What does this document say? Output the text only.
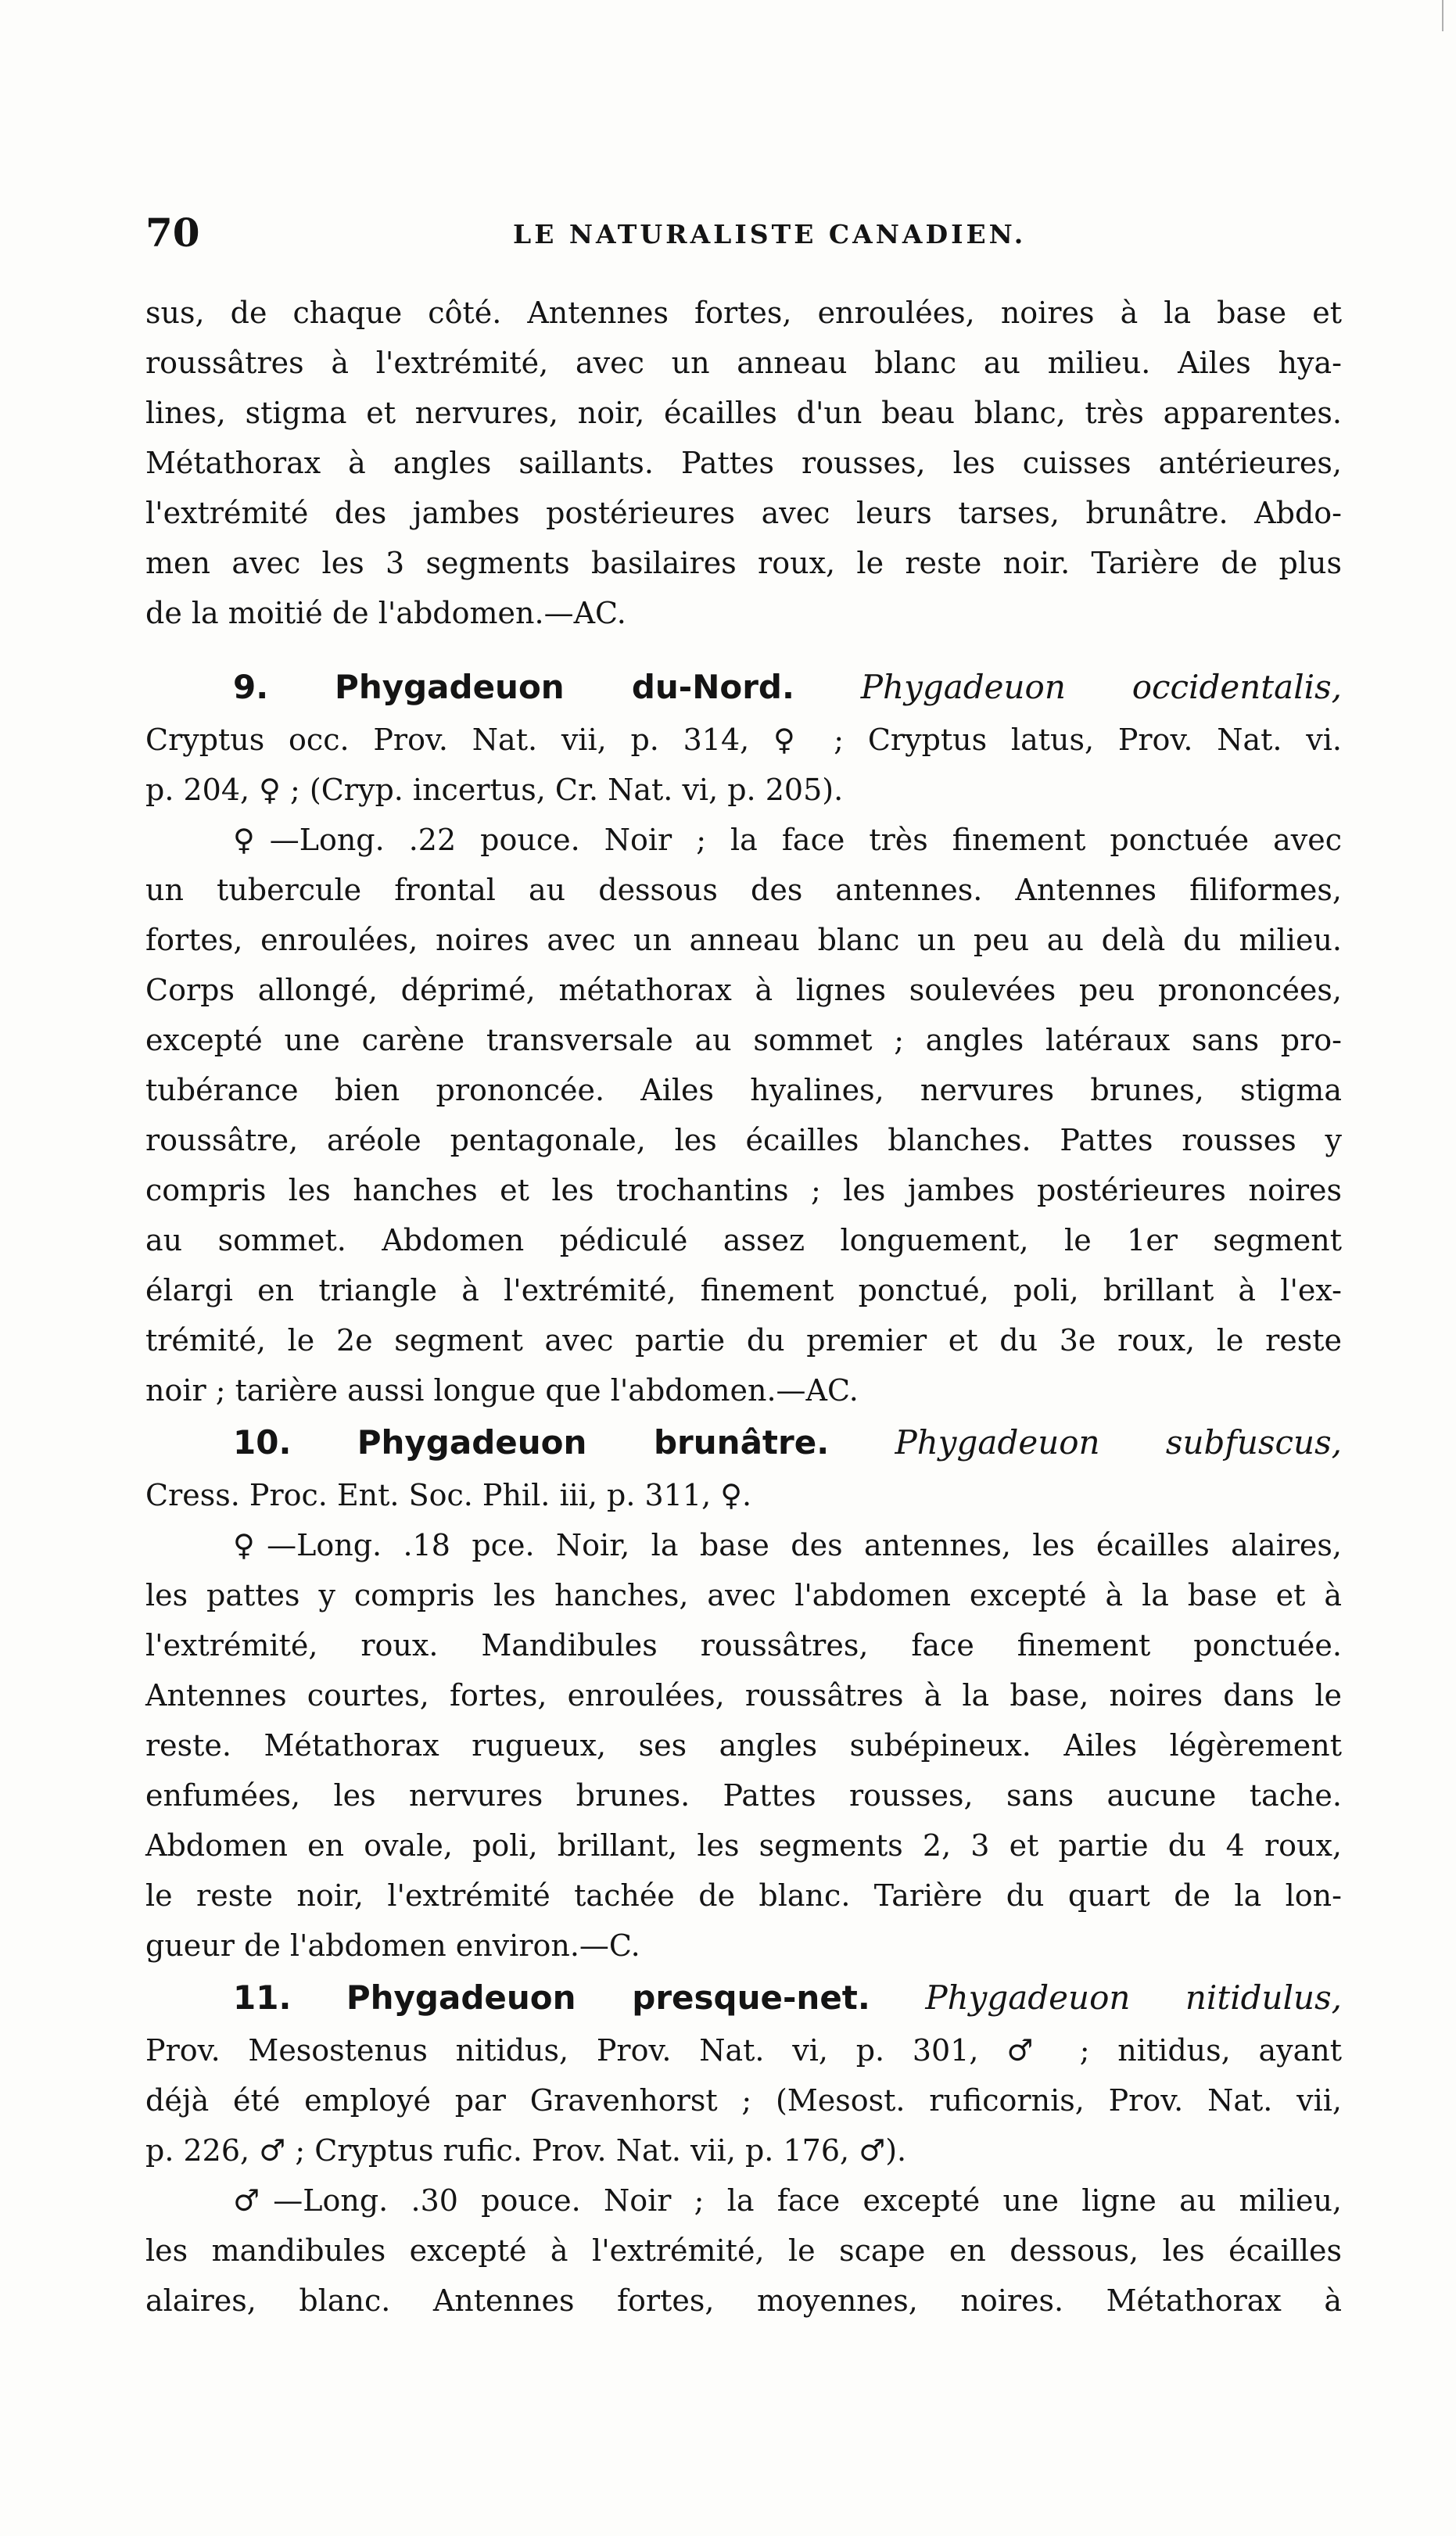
70	LE NATURALISTE CANADIEN.
sus, de chaque côté. Antennes fortes, enroulées, noires à la base et
roussâtres à l'extrémité, avec un anneau blanc au milieu. Ailes hya-
lines, stigma et nervures, noir, écailles d'un beau blanc, très apparentes.
Métathorax à angles saillants. Pattes rousses, les cuisses antérieures,
l'extrémité des jambes postérieures avec leurs tarses, brunâtre. Abdo-
men avec les 3 segments basilaires roux, le reste noir. Tarière de plus
de la moitié de l'abdomen.—AC.
9. Phygadeuon du-Nord. Phygadeuon occidentalis,
Cryptus occ. Prov. Nat. vii, p. 314, ♀ ; Cryptus latus, Prov. Nat. vi.
p. 204, ♀ ; (Cryp. incertus, Cr. Nat. vi, p. 205).
♀—Long. .22 pouce. Noir ; la face très finement ponctuée avec
un tubercule frontal au dessous des antennes. Antennes filiformes,
fortes, enroulées, noires avec un anneau blanc un peu au delà du milieu.
Corps allongé, déprimé, métathorax à lignes soulevées peu prononcées,
excepté une carène transversale au sommet ; angles latéraux sans pro-
tubérance bien prononcée. Ailes hyalines, nervures brunes, stigma
roussâtre, aréole pentagonale, les écailles blanches. Pattes rousses y
compris les hanches et les trochantins ; les jambes postérieures noires
au sommet. Abdomen pédiculé assez longuement, le 1er segment
élargi en triangle à l'extrémité, finement ponctué, poli, brillant à l'ex-
trémité, le 2e segment avec partie du premier et du 3e roux, le reste
noir ; tarière aussi longue que l'abdomen.—AC.
10. Phygadeuon brunâtre. Phygadeuon subfuscus,
Cress. Proc. Ent. Soc. Phil. iii, p. 311, ♀.
♀—Long. .18 pce. Noir, la base des antennes, les écailles alaires,
les pattes y compris les hanches, avec l'abdomen excepté à la base et à
l'extrémité, roux. Mandibules roussâtres, face finement ponctuée.
Antennes courtes, fortes, enroulées, roussâtres à la base, noires dans le
reste. Métathorax rugueux, ses angles subépineux. Ailes légèrement
enfumées, les nervures brunes. Pattes rousses, sans aucune tache.
Abdomen en ovale, poli, brillant, les segments 2, 3 et partie du 4 roux,
le reste noir, l'extrémité tachée de blanc. Tarière du quart de la lon-
gueur de l'abdomen environ.—C.
11. Phygadeuon presque-net. Phygadeuon nitidulus,
Prov. Mesostenus nitidus, Prov. Nat. vi, p. 301, ♂ ; nitidus, ayant
déjà été employé par Gravenhorst ; (Mesost. ruficornis, Prov. Nat. vii,
p. 226, ♂ ; Cryptus rufic. Prov. Nat. vii, p. 176, ♂).
♂—Long. .30 pouce. Noir ; la face excepté une ligne au milieu,
les mandibules excepté à l'extrémité, le scape en dessous, les écailles
alaires, blanc. Antennes fortes, moyennes, noires. Métathorax à
